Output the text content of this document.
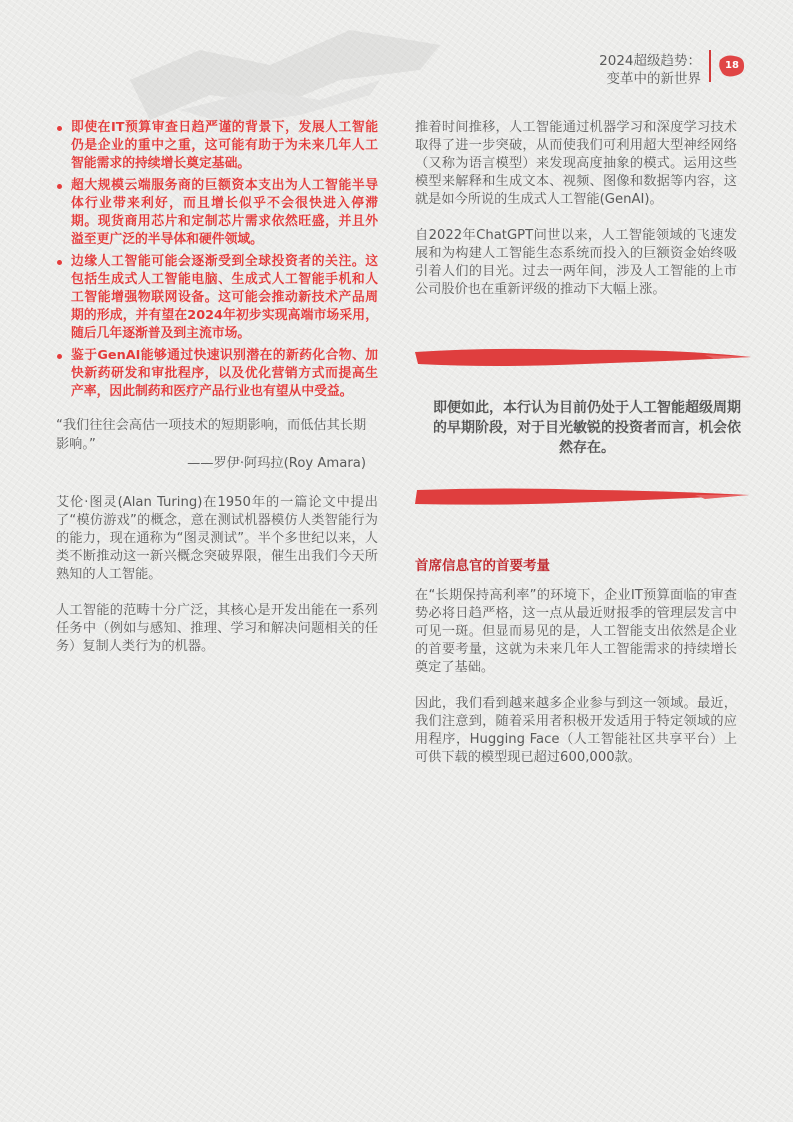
2024超级趋势：
变革中的新世界
18
即使在IT预算审查日趋严谨的背景下，发展人工智能仍是企业的重中之重，这可能有助于为未来几年人工智能需求的持续增长奠定基础。
超大规模云端服务商的巨额资本支出为人工智能半导体行业带来利好，而且增长似乎不会很快进入停滞期。现货商用芯片和定制芯片需求依然旺盛，并且外溢至更广泛的半导体和硬件领域。
边缘人工智能可能会逐渐受到全球投资者的关注。这包括生成式人工智能电脑、生成式人工智能手机和人工智能增强物联网设备。这可能会推动新技术产品周期的形成，并有望在2024年初步实现高端市场采用，随后几年逐渐普及到主流市场。
鉴于GenAI能够通过快速识别潜在的新药化合物、加快新药研发和审批程序，以及优化营销方式而提高生产率，因此制药和医疗产品行业也有望从中受益。
“我们往往会高估一项技术的短期影响，而低估其长期影响。”
——罗伊·阿玛拉(Roy Amara)

艾伦·图灵(Alan Turing)在1950年的一篇论文中提出了“模仿游戏”的概念，意在测试机器模仿人类智能行为的能力，现在通称为“图灵测试”。半个多世纪以来，人类不断推动这一新兴概念突破界限，催生出我们今天所熟知的人工智能。

人工智能的范畴十分广泛，其核心是开发出能在一系列任务中（例如与感知、推理、学习和解决问题相关的任务）复制人类行为的机器。

推着时间推移，人工智能通过机器学习和深度学习技术取得了进一步突破，从而使我们可利用超大型神经网络（又称为语言模型）来发现高度抽象的模式。运用这些模型来解释和生成文本、视频、图像和数据等内容，这就是如今所说的生成式人工智能(GenAI)。

自2022年ChatGPT问世以来，人工智能领域的飞速发展和为构建人工智能生态系统而投入的巨额资金始终吸引着人们的目光。过去一两年间，涉及人工智能的上市公司股价也在重新评级的推动下大幅上涨。

即便如此，本行认为目前仍处于人工智能超级周期的早期阶段，对于目光敏锐的投资者而言，机会依然存在。
首席信息官的首要考量

在“长期保持高利率”的环境下，企业IT预算面临的审查势必将日趋严格，这一点从最近财报季的管理层发言中可见一斑。但显而易见的是，人工智能支出依然是企业的首要考量，这就为未来几年人工智能需求的持续增长奠定了基础。

因此，我们看到越来越多企业参与到这一领域。最近，我们注意到，随着采用者积极开发适用于特定领域的应用程序，Hugging Face（人工智能社区共享平台）上可供下载的模型现已超过600,000款。
